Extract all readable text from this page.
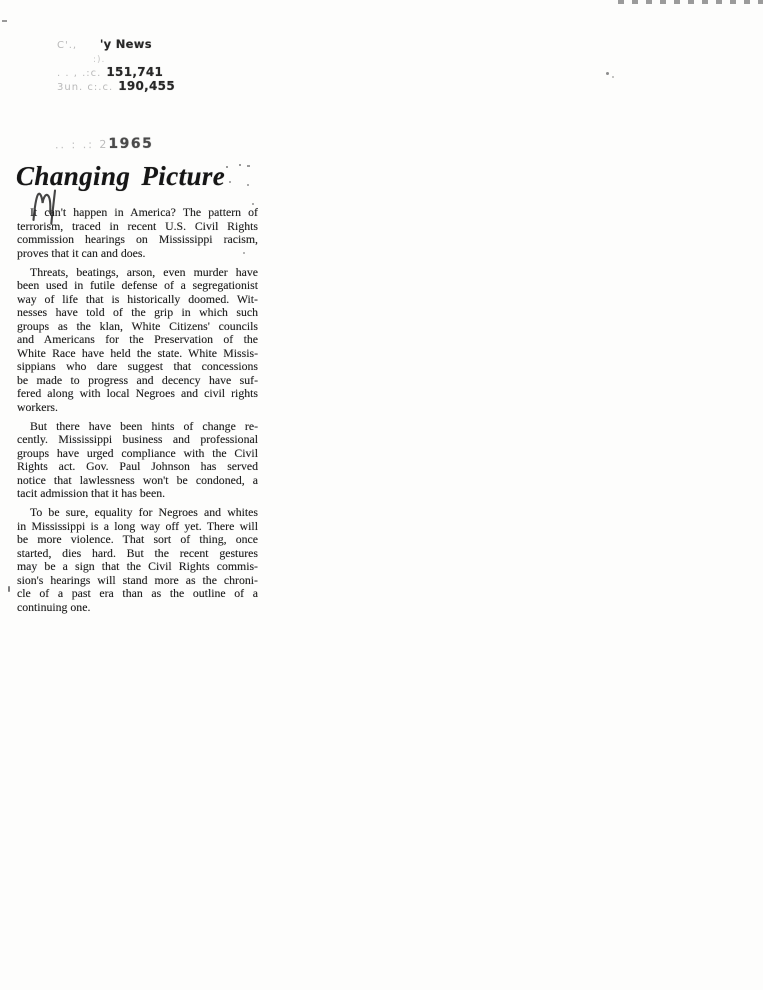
C'., 'y News
:).
. . , .:c. 151,741
3un. c:.c. 190,455
.. : .: 21965
Changing Picture
It can't happen in America? The pattern of
terrorism, traced in recent U.S. Civil Rights
commission hearings on Mississippi racism,
proves that it can and does.
Threats, beatings, arson, even murder have
been used in futile defense of a segregationist
way of life that is historically doomed. Wit-
nesses have told of the grip in which such
groups as the klan, White Citizens' councils
and Americans for the Preservation of the
White Race have held the state. White Missis-
sippians who dare suggest that concessions
be made to progress and decency have suf-
fered along with local Negroes and civil rights
workers.
But there have been hints of change re-
cently. Mississippi business and professional
groups have urged compliance with the Civil
Rights act. Gov. Paul Johnson has served
notice that lawlessness won't be condoned, a
tacit admission that it has been.
To be sure, equality for Negroes and whites
in Mississippi is a long way off yet. There will
be more violence. That sort of thing, once
started, dies hard. But the recent gestures
may be a sign that the Civil Rights commis-
sion's hearings will stand more as the chroni-
cle of a past era than as the outline of a
continuing one.
